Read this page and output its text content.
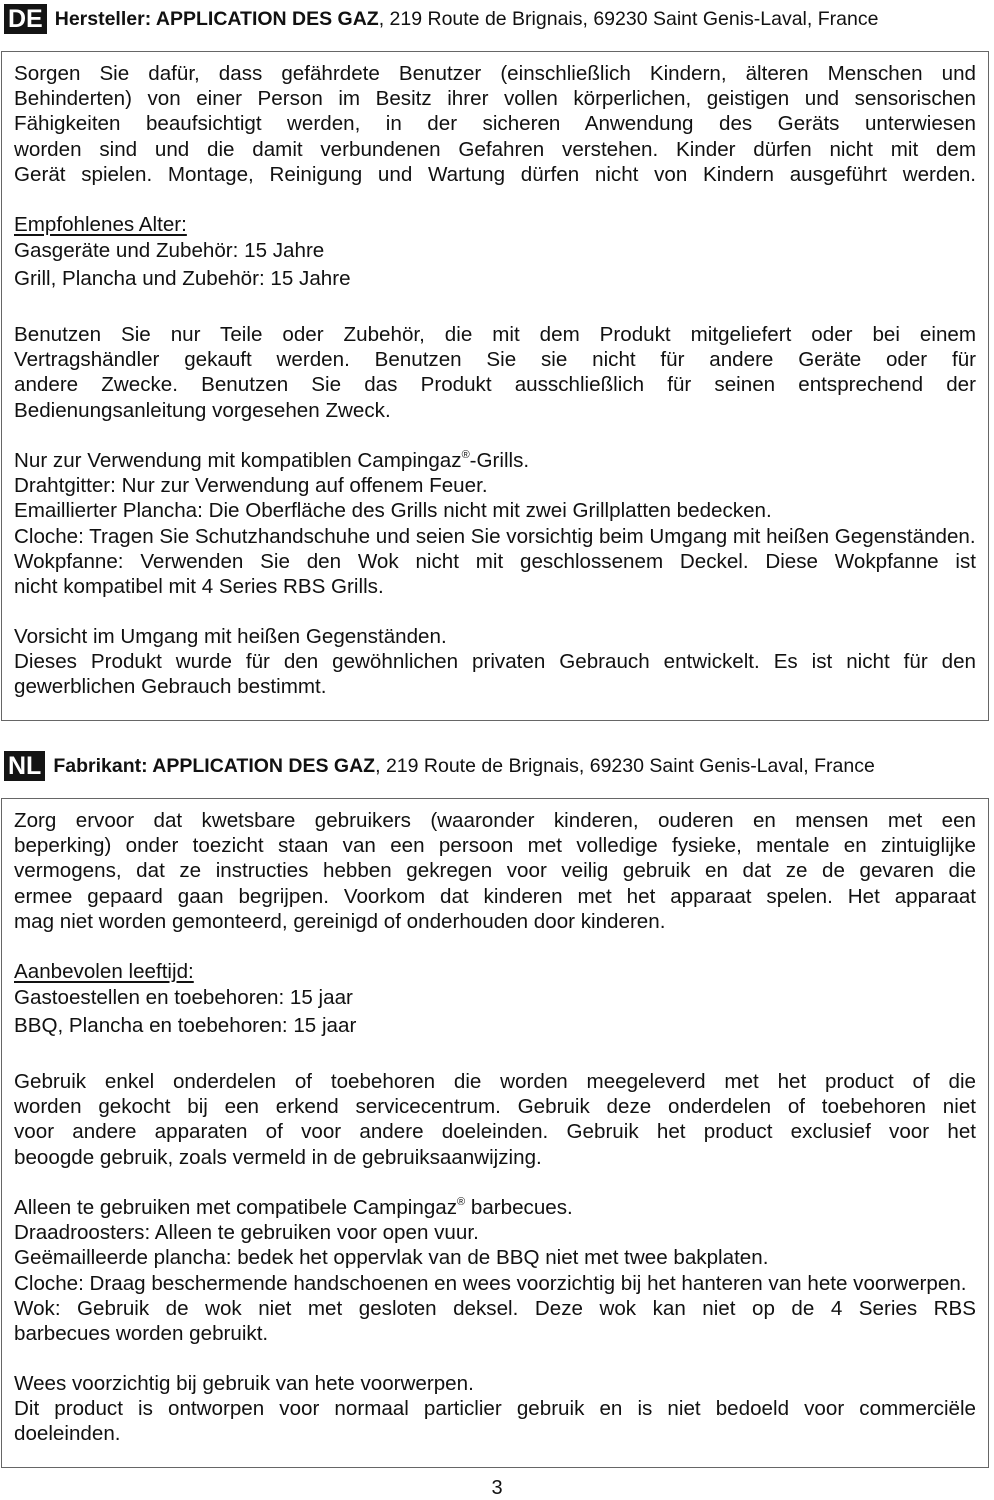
DE Hersteller: APPLICATION DES GAZ, 219 Route de Brignais, 69230 Saint Genis-Laval, France

Sorgen Sie dafür, dass gefährdete Benutzer (einschließlich Kindern, älteren Menschen und

Behinderten) von einer Person im Besitz ihrer vollen körperlichen, geistigen und sensorischen

Fähigkeiten beaufsichtigt werden, in der sicheren Anwendung des Geräts unterwiesen

worden sind und die damit verbundenen Gefahren verstehen. Kinder dürfen nicht mit dem

Gerät spielen. Montage, Reinigung und Wartung dürfen nicht von Kindern ausgeführt werden.

Empfohlenes Alter:

Gasgeräte und Zubehör: 15 Jahre

Grill, Plancha und Zubehör: 15 Jahre

Benutzen Sie nur Teile oder Zubehör, die mit dem Produkt mitgeliefert oder bei einem

Vertragshändler gekauft werden. Benutzen Sie sie nicht für andere Geräte oder für

andere Zwecke. Benutzen Sie das Produkt ausschließlich für seinen entsprechend der

Bedienungsanleitung vorgesehen Zweck.

Nur zur Verwendung mit kompatiblen Campingaz®-Grills.

Drahtgitter: Nur zur Verwendung auf offenem Feuer.

Emaillierter Plancha: Die Oberfläche des Grills nicht mit zwei Grillplatten bedecken.

Cloche: Tragen Sie Schutzhandschuhe und seien Sie vorsichtig beim Umgang mit heißen Gegenständen.

Wokpfanne: Verwenden Sie den Wok nicht mit geschlossenem Deckel. Diese Wokpfanne ist

nicht kompatibel mit 4 Series RBS Grills.

Vorsicht im Umgang mit heißen Gegenständen.

Dieses Produkt wurde für den gewöhnlichen privaten Gebrauch entwickelt. Es ist nicht für den

gewerblichen Gebrauch bestimmt.

NL Fabrikant: APPLICATION DES GAZ, 219 Route de Brignais, 69230 Saint Genis-Laval, France

Zorg ervoor dat kwetsbare gebruikers (waaronder kinderen, ouderen en mensen met een

beperking) onder toezicht staan van een persoon met volledige fysieke, mentale en zintuiglijke

vermogens, dat ze instructies hebben gekregen voor veilig gebruik en dat ze de gevaren die

ermee gepaard gaan begrijpen. Voorkom dat kinderen met het apparaat spelen. Het apparaat

mag niet worden gemonteerd, gereinigd of onderhouden door kinderen.

Aanbevolen leeftijd:

Gastoestellen en toebehoren: 15 jaar

BBQ, Plancha en toebehoren: 15 jaar

Gebruik enkel onderdelen of toebehoren die worden meegeleverd met het product of die

worden gekocht bij een erkend servicecentrum. Gebruik deze onderdelen of toebehoren niet

voor andere apparaten of voor andere doeleinden. Gebruik het product exclusief voor het

beoogde gebruik, zoals vermeld in de gebruiksaanwijzing.

Alleen te gebruiken met compatibele Campingaz® barbecues.

Draadroosters: Alleen te gebruiken voor open vuur.

Geëmailleerde plancha: bedek het oppervlak van de BBQ niet met twee bakplaten.

Cloche: Draag beschermende handschoenen en wees voorzichtig bij het hanteren van hete voorwerpen.

Wok: Gebruik de wok niet met gesloten deksel. Deze wok kan niet op de 4 Series RBS

barbecues worden gebruikt.

Wees voorzichtig bij gebruik van hete voorwerpen.

Dit product is ontworpen voor normaal particlier gebruik en is niet bedoeld voor commerciële

doeleinden.

3
